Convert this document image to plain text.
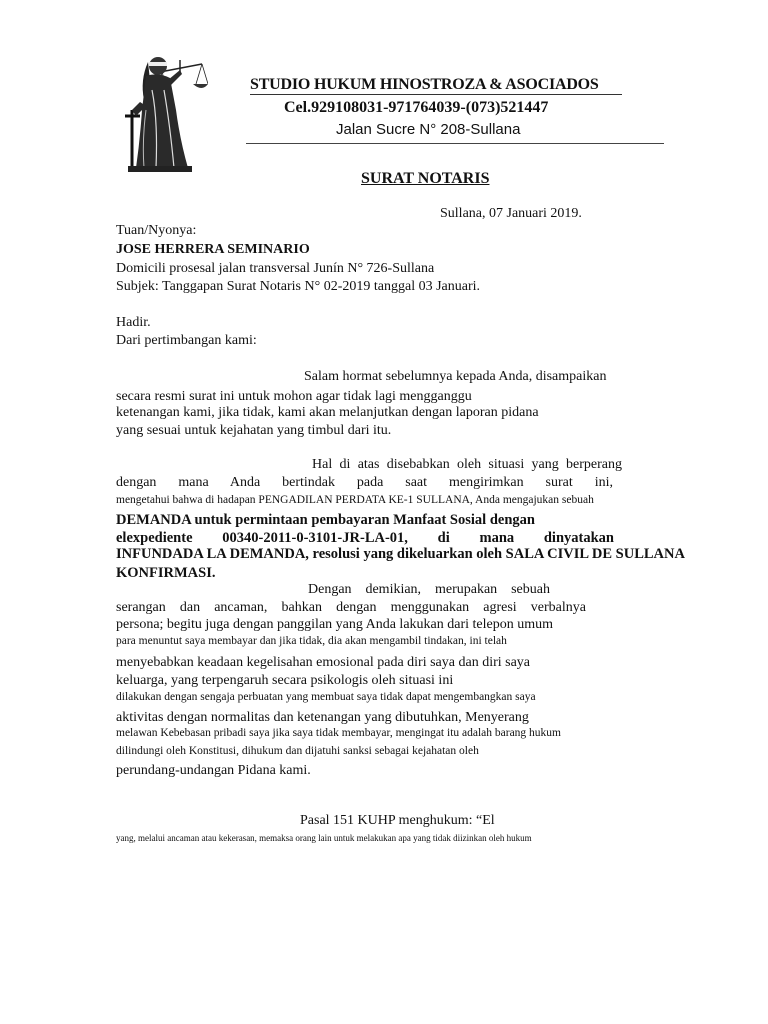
STUDIO HUKUM HINOSTROZA & ASOCIADOS
Cel.929108031-971764039-(073)521447
Jalan Sucre N° 208-Sullana
SURAT NOTARIS
Sullana, 07 Januari 2019.
Tuan/Nyonya:
JOSE HERRERA SEMINARIO
Domicili prosesal jalan transversal Junín N° 726-Sullana
Subjek: Tanggapan Surat Notaris N° 02-2019 tanggal 03 Januari.
Hadir.
Dari pertimbangan kami:
Salam hormat sebelumnya kepada Anda, disampaikan
secara resmi surat ini untuk mohon agar tidak lagi mengganggu
ketenangan kami, jika tidak, kami akan melanjutkan dengan laporan pidana
yang sesuai untuk kejahatan yang timbul dari itu.
Hal di atas disebabkan oleh situasi yang berperang
dengan mana Anda bertindak pada saat mengirimkan surat ini,
mengetahui bahwa di hadapan PENGADILAN PERDATA KE-1 SULLANA, Anda mengajukan sebuah
DEMANDA untuk permintaan pembayaran Manfaat Sosial dengan
elexpediente 00340-2011-0-3101-JR-LA-01, di mana dinyatakan
INFUNDADA LA DEMANDA, resolusi yang dikeluarkan oleh SALA CIVIL DE SULLANA
KONFIRMASI.
Dengan demikian, merupakan sebuah
serangan dan ancaman, bahkan dengan menggunakan agresi verbalnya
persona; begitu juga dengan panggilan yang Anda lakukan dari telepon umum
para menuntut saya membayar dan jika tidak, dia akan mengambil tindakan, ini telah
menyebabkan keadaan kegelisahan emosional pada diri saya dan diri saya
keluarga, yang terpengaruh secara psikologis oleh situasi ini
dilakukan dengan sengaja perbuatan yang membuat saya tidak dapat mengembangkan saya
aktivitas dengan normalitas dan ketenangan yang dibutuhkan, Menyerang
melawan Kebebasan pribadi saya jika saya tidak membayar, mengingat itu adalah barang hukum
dilindungi oleh Konstitusi, dihukum dan dijatuhi sanksi sebagai kejahatan oleh
perundang-undangan Pidana kami.
Pasal 151 KUHP menghukum: “El
yang, melalui ancaman atau kekerasan, memaksa orang lain untuk melakukan apa yang tidak diizinkan oleh hukum
